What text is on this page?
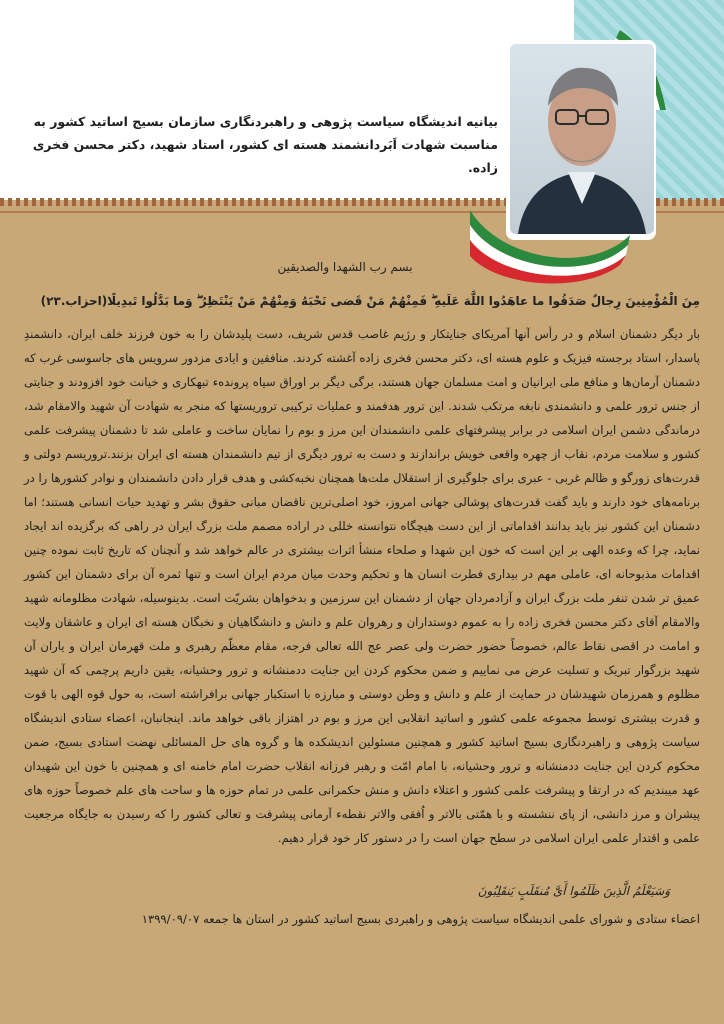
بیانیه اندیشگاه سیاست پژوهی و راهبردنگاری سازمان بسیج اساتید کشور به مناسبت شهادت اَبَردانشمند هسته ای کشور، استاد شهید، دکتر محسن فخری زاده.
بسم رب الشهدا والصدیقین
مِنَ الْمُؤْمِنِینَ رِجالٌ صَدَقُوا ما عاهَدُوا اللَّهَ عَلَیهِ ۖ فَمِنْهُمْ مَنْ قَضی نَحْبَهُ وَمِنْهُمْ مَنْ یَنْتَظِرُ ۖ وَما بَدَّلُوا تَبدِیلًا(احزاب.۲۳)
بار دیگر دشمنان اسلام و در رأس آنها آمریکای جنایتکار و رژیم غاصب قدس شریف، دست پلیدشان را به خون فرزند خلف ایران، دانشمندِ پاسدار، استاد برجسته فیزیک و علوم هسته ای، دکتر محسن فخری زاده آغشته کردند. منافقین و ایادی مزدور سرویس های جاسوسی غرب که دشمنان آرمان‌ها و منافع ملی ایرانیان و امت مسلمان جهان هستند، برگی دیگر بر اوراق سیاه پرونده‌ء تبهکاری و خیانت خود افزودند و جنایتی از جنس ترور علمی و دانشمندی نابغه مرتکب شدند. این ترور هدفمند و عملیات ترکیبی تروریستها که منجر به شهادت آن شهید والامقام شد، درماندگی دشمن ایران اسلامی در برابر پیشرفتهای علمی دانشمندان این مرز و بوم را نمایان ساخت و عاملی شد تا دشمنان پیشرفت علمی کشور و سلامت مردم، نقاب از چهره واقعی خویش برانداز‌ند و دست به ترور دیگری از تیم دانشمندان هسته ای ایران بزنند.تروریسم دولتی و قدرت‌های زورگو و ظالم غربی - عبری برای جلوگیری از استقلال ملت‌ها همچنان نخبه‌کشی و هدف قرار دادن دانشمندان و نوادر کشورها را در برنامه‌های خود دارند و باید گفت قدرت‌های پوشالی جهانی امروز، خود اصلی‌ترین ناقضان مبانی حقوق بشر و تهدید حیات انسانی هستند؛ اما دشمنان این کشور نیز باید بدانند اقداماتی از این دست هیچگاه نتوانسته خللی در اراده مصمم ملت بزرگ ایران در راهی که برگزیده اند ایجاد نماید، چرا که وعده الهی بر این است که خون این شهدا و صلحاء منشأ اثرات بیشتری در عالم خواهد شد و آنچنان که تاریخ ثابت نموده چنین اقدامات مذبوحانه ای، عاملی مهم در بیداری فطرت انسان ها و تحکیم وحدت میان مردم ایران است و تنها ثمره آن برای دشمنان این کشور عمیق تر شدن تنفر ملت بزرگ ایران و آزادمردان جهان از دشمنان این سرزمین و بدخواهان بشریّت است. بدینوسیله، شهادت مظلومانه شهید والامقام آقای دکتر محسن فخری زاده را به عموم دوستداران و رهروان علم و دانش و دانشگاهیان و نخبگان هسته ای ایران و عاشقان ولایت و امامت در اقصی نقاط عالم، خصوصاً حضور حضرت ولی عصر عج الله تعالی فرجه، مقام معظّم رهبری و ملت قهرمان ایران و یاران آن شهید بزرگوار تبریک و تسلیت عرض می نماییم و ضمن محکوم کردن این جنایت ددمنشانه و ترور وحشیانه، یقین داریم پرچمی که آن شهید مظلوم و همرزمان شهیدشان در حمایت از علم و دانش و وطن دوستی و مبارزه با استکبار جهانی برافراشته است، به حول قوه الهی با قوت و قدرت بیشتری توسط مجموعه علمی کشور و اساتید انقلابی این مرز و بوم در اهتزاز باقی خواهد ماند. اینجانبان، اعضاء ستادی اندیشگاه سیاست پژوهی و راهبردنگاری بسیج اساتید کشور و همچنین مسئولین اندیشکده ها و گروه های حل المسائلی نهضت استادی بسیج، ضمن محکوم کردن این جنایت ددمنشانه و ترور وحشیانه، با امام امّت و رهبر فرزانه انقلاب حضرت امام خامنه ای و همچنین با خون این شهیدان عهد میبندیم که در ارتقا و پیشرفت علمی کشور و اعتلاء دانش و منش حکمرانی علمی در تمام حوزه ها و ساحت های علم خصوصاً حوزه های پیشران و مرز دانشی، از پای ننشسته و با همّتی بالاتر و اُفقی والاتر نقطهء آرمانی پیشرفت و تعالی کشور را که رسیدن به جایگاه مرجعیت علمی و اقتدار علمی ایران اسلامی در سطح جهان است را در دستور کار خود قرار دهیم.
وَسَیَعْلَمُ الَّذِینَ ظَلَمُوا أَیَّ مُنقَلَبٍ یَنقَلِبُونَ
اعضاء ستادی و شورای علمی اندیشگاه سیاست پژوهی و راهبردی بسیج اساتید کشور در استان ها جمعه ۱۳۹۹/۰۹/۰۷
